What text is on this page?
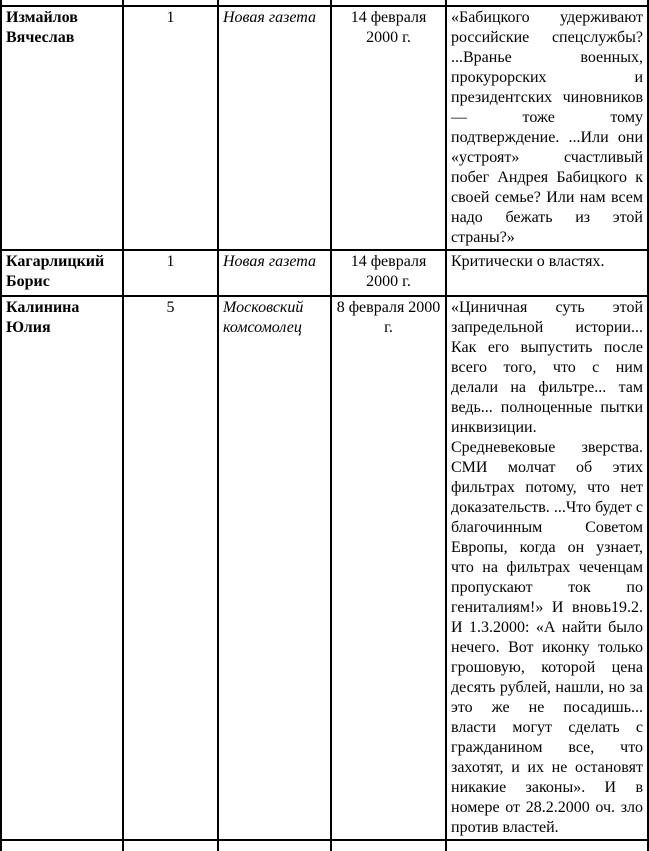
Измайлов Вячеслав	1	Новая газета	14 февраля 2000 г.	«Бабицкого удерживают российские спецслужбы? ...Вранье военных, прокурорских и президентских чиновников — тоже тому подтверждение. ...Или они «устроят» счастливый побег Андрея Бабицкого к своей семье? Или нам всем надо бежать из этой страны?»
Кагарлицкий Борис	1	Новая газета	14 февраля 2000 г.	Критически о властях.
Калинина Юлия	5	Московский комсомолец	8 февраля 2000 г.	«Циничная суть этой запредельной истории... Как его выпустить после всего того, что с ним делали на фильтре... там ведь... полноценные пытки инквизиции. Средневековые зверства. СМИ молчат об этих фильтрах потому, что нет доказательств. ...Что будет с благочинным Советом Европы, когда он узнает, что на фильтрах чеченцам пропускают ток по гениталиям!» И вновь19.2. И 1.3.2000: «А найти было нечего. Вот иконку только грошовую, которой цена десять рублей, нашли, но за это же не посадишь... власти могут сделать с гражданином все, что захотят, и их не остановят никакие законы». И в номере от 28.2.2000 оч. зло против властей.
